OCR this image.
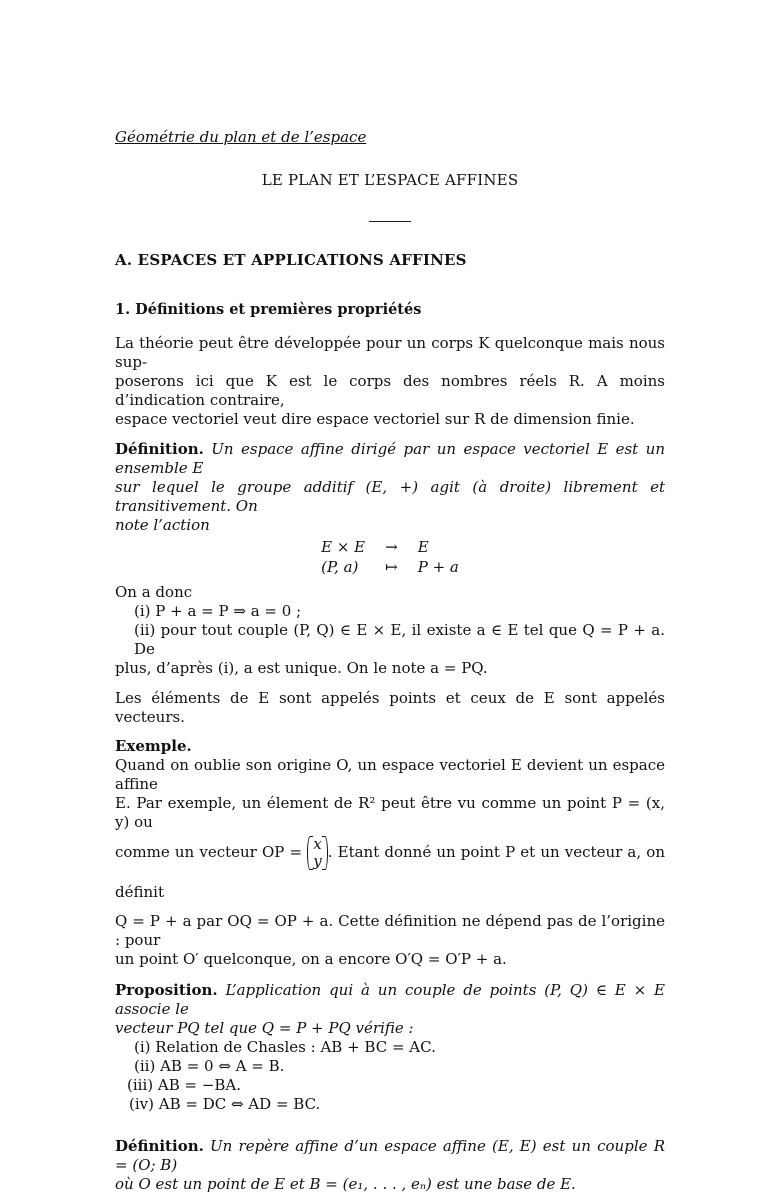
Géométrie du plan et de l’espace
LE PLAN ET L’ESPACE AFFINES
A. ESPACES ET APPLICATIONS AFFINES
1. Définitions et premières propriétés

La théorie peut être développée pour un corps K quelconque mais nous sup-

poserons ici que K est le corps des nombres réels R. A moins d’indication contraire,

espace vectoriel veut dire espace vectoriel sur R de dimension finie.

Définition. Un espace affine dirigé par un espace vectoriel E est un ensemble E

sur lequel le groupe additif (E, +) agit (à droite) librement et transitivement. On

note l’action

E × E	→	E
(P, a)	↦	P + a

On a donc

(i) P + a = P ⇒ a = 0 ;

(ii) pour tout couple (P, Q) ∈ E × E, il existe a ∈ E tel que Q = P + a. De

plus, d’après (i), a est unique. On le note a = PQ.

Les éléments de E sont appelés points et ceux de E sont appelés vecteurs.

Exemple.

Quand on oublie son origine O, un espace vectoriel E devient un espace affine

E. Par exemple, un élement de R² peut être vu comme un point P = (x, y) ou

comme un vecteur OP = x
y . Etant donné un point P et un vecteur a, on définit

Q = P + a par OQ = OP + a. Cette définition ne dépend pas de l’origine : pour

un point O′ quelconque, on a encore O′Q = O′P + a.

Proposition. L’application qui à un couple de points (P, Q) ∈ E × E associe le

vecteur PQ tel que Q = P + PQ vérifie :

(i) Relation de Chasles : AB + BC = AC.

(ii) AB = 0 ⇔ A = B.

(iii) AB = −BA.

(iv) AB = DC ⇔ AD = BC.

Définition. Un repère affine d’un espace affine (E, E) est un couple R = (O; B)

où O est un point de E et B = (e₁, . . . , eₙ) est une base de E.
